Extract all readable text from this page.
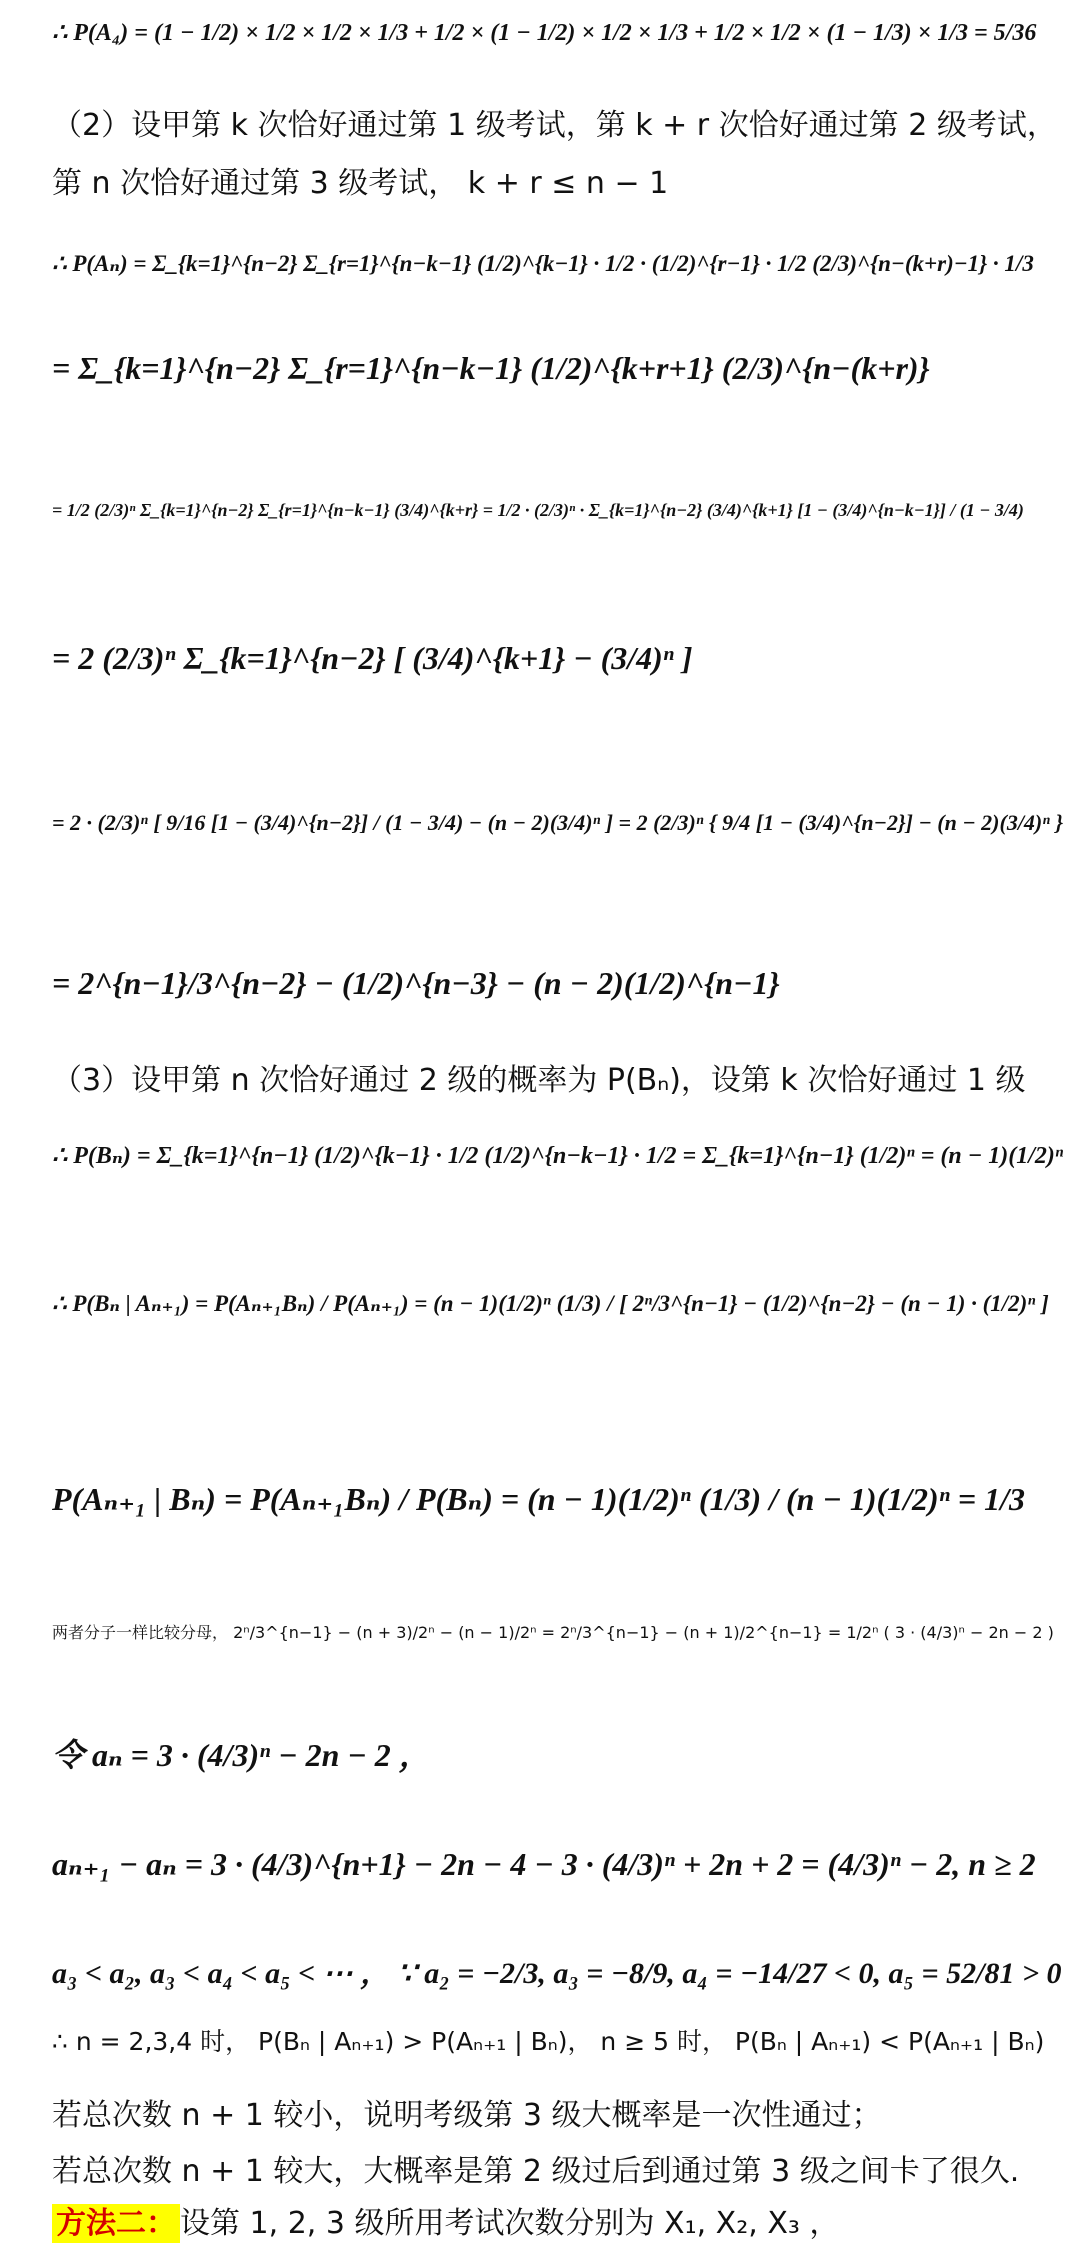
∴ P(A₄) = (1 − 1/2) × 1/2 × 1/2 × 1/3 + 1/2 × (1 − 1/2) × 1/2 × 1/3 + 1/2 × 1/2 × (1 − 1/3) × 1/3 = 5/36
（2）设甲第 k 次恰好通过第 1 级考试，第 k + r 次恰好通过第 2 级考试，
第 n 次恰好通过第 3 级考试， k + r ≤ n − 1
∴ P(Aₙ) = Σ_{k=1}^{n−2} Σ_{r=1}^{n−k−1} (1/2)^{k−1} · 1/2 · (1/2)^{r−1} · 1/2 (2/3)^{n−(k+r)−1} · 1/3
= Σ_{k=1}^{n−2} Σ_{r=1}^{n−k−1} (1/2)^{k+r+1} (2/3)^{n−(k+r)}
= 1/2 (2/3)ⁿ Σ_{k=1}^{n−2} Σ_{r=1}^{n−k−1} (3/4)^{k+r} = 1/2 · (2/3)ⁿ · Σ_{k=1}^{n−2} (3/4)^{k+1} [1 − (3/4)^{n−k−1}] / (1 − 3/4)
= 2 (2/3)ⁿ Σ_{k=1}^{n−2} [ (3/4)^{k+1} − (3/4)ⁿ ]
= 2 · (2/3)ⁿ [ 9/16 [1 − (3/4)^{n−2}] / (1 − 3/4) − (n − 2)(3/4)ⁿ ] = 2 (2/3)ⁿ { 9/4 [1 − (3/4)^{n−2}] − (n − 2)(3/4)ⁿ }
= 2^{n−1}/3^{n−2} − (1/2)^{n−3} − (n − 2)(1/2)^{n−1}
（3）设甲第 n 次恰好通过 2 级的概率为 P(Bₙ)，设第 k 次恰好通过 1 级
∴ P(Bₙ) = Σ_{k=1}^{n−1} (1/2)^{k−1} · 1/2 (1/2)^{n−k−1} · 1/2 = Σ_{k=1}^{n−1} (1/2)ⁿ = (n − 1)(1/2)ⁿ
∴ P(Bₙ | Aₙ₊₁) = P(Aₙ₊₁Bₙ) / P(Aₙ₊₁) = (n − 1)(1/2)ⁿ (1/3) / [ 2ⁿ/3^{n−1} − (1/2)^{n−2} − (n − 1) · (1/2)ⁿ ]
P(Aₙ₊₁ | Bₙ) = P(Aₙ₊₁Bₙ) / P(Bₙ) = (n − 1)(1/2)ⁿ (1/3) / (n − 1)(1/2)ⁿ = 1/3
两者分子一样比较分母， 2ⁿ/3^{n−1} − (n + 3)/2ⁿ − (n − 1)/2ⁿ = 2ⁿ/3^{n−1} − (n + 1)/2^{n−1} = 1/2ⁿ ( 3 · (4/3)ⁿ − 2n − 2 )
令 aₙ = 3 · (4/3)ⁿ − 2n − 2 ，
aₙ₊₁ − aₙ = 3 · (4/3)^{n+1} − 2n − 4 − 3 · (4/3)ⁿ + 2n + 2 = (4/3)ⁿ − 2, n ≥ 2
a₃ < a₂, a₃ < a₄ < a₅ < ⋯ ， ∵ a₂ = −2/3, a₃ = −8/9, a₄ = −14/27 < 0, a₅ = 52/81 > 0
∴ n = 2,3,4 时， P(Bₙ | Aₙ₊₁) > P(Aₙ₊₁ | Bₙ)， n ≥ 5 时， P(Bₙ | Aₙ₊₁) < P(Aₙ₊₁ | Bₙ)
若总次数 n + 1 较小，说明考级第 3 级大概率是一次性通过；
若总次数 n + 1 较大，大概率是第 2 级过后到通过第 3 级之间卡了很久.
方法二： 设第 1, 2, 3 级所用考试次数分别为 X₁, X₂, X₃ ，
